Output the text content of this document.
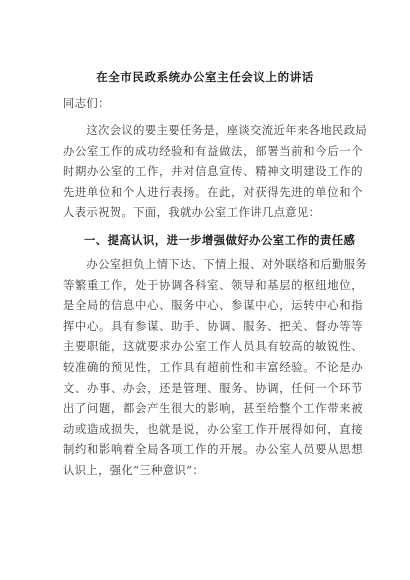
在全市民政系统办公室主任会议上的讲话
同志们：
　　这次会议的要主要任务是，座谈交流近年来各地民政局
办公室工作的成功经验和有益做法，部署当前和今后一个
时期办公室的工作，并对信息宣传、精神文明建设工作的
先进单位和个人进行表扬。在此，对获得先进的单位和个
人表示祝贺。下面，我就办公室工作讲几点意见：
一、提高认识，进一步增强做好办公室工作的责任感
　　办公室担负上情下达、下情上报、对外联络和后勤服务
等繁重工作，处于协调各科室、领导和基层的枢纽地位，
是全局的信息中心、服务中心、参谋中心，运转中心和指
挥中心。具有参谋、助手、协调、服务、把关、督办等等
主要职能，这就要求办公室工作人员具有较高的敏锐性、
较准确的预见性，工作具有超前性和丰富经验。不论是办
文、办事、办会，还是管理、服务、协调，任何一个环节
出了问题，都会产生很大的影响，甚至给整个工作带来被
动或造成损失，也就是说，办公室工作开展得如何，直接
制约和影响着全局各项工作的开展。办公室人员要从思想
认识上，强化“三种意识”：
